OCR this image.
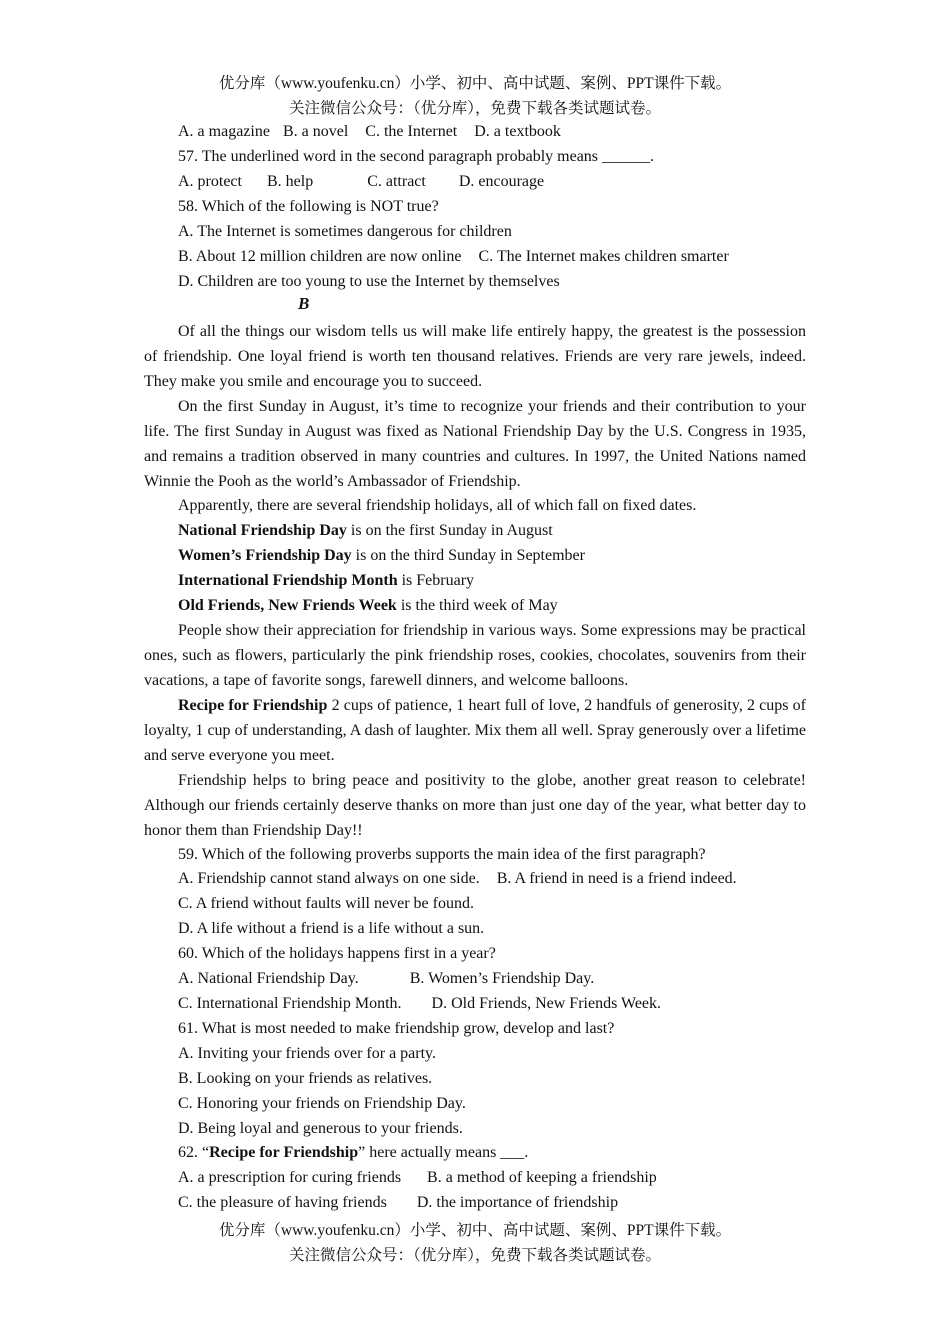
优分库（www.youfenku.cn）小学、初中、高中试题、案例、PPT课件下载。
关注微信公众号：（优分库），免费下载各类试题试卷。
A. a magazine B. a novel C. the Internet D. a textbook
57. The underlined word in the second paragraph probably means ______.
A. protect B. help	C. attract D. encourage
58. Which of the following is NOT true?
A. The Internet is sometimes dangerous for children
B. About 12 million children are now online C. The Internet makes children smarter
D. Children are too young to use the Internet by themselves
B

Of all the things our wisdom tells us will make life entirely happy, the greatest is the possession of friendship. One loyal friend is worth ten thousand relatives. Friends are very rare jewels, indeed. They make you smile and encourage you to succeed.

On the first Sunday in August, it’s time to recognize your friends and their contribution to your life. The first Sunday in August was fixed as National Friendship Day by the U.S. Congress in 1935, and remains a tradition observed in many countries and cultures. In 1997, the United Nations named Winnie the Pooh as the world’s Ambassador of Friendship.

Apparently, there are several friendship holidays, all of which fall on fixed dates.
National Friendship Day is on the first Sunday in August
Women’s Friendship Day is on the third Sunday in September
International Friendship Month is February
Old Friends, New Friends Week is the third week of May

People show their appreciation for friendship in various ways. Some expressions may be practical ones, such as flowers, particularly the pink friendship roses, cookies, chocolates, souvenirs from their vacations, a tape of favorite songs, farewell dinners, and welcome balloons.

Recipe for Friendship 2 cups of patience, 1 heart full of love, 2 handfuls of generosity, 2 cups of loyalty, 1 cup of understanding, A dash of laughter. Mix them all well. Spray generously over a lifetime and serve everyone you meet.

Friendship helps to bring peace and positivity to the globe, another great reason to celebrate! Although our friends certainly deserve thanks on more than just one day of the year, what better day to honor them than Friendship Day!!

59. Which of the following proverbs supports the main idea of the first paragraph?
A. Friendship cannot stand always on one side. B. A friend in need is a friend indeed.
C. A friend without faults will never be found.
D. A life without a friend is a life without a sun.
60. Which of the holidays happens first in a year?
A. National Friendship Day.	B. Women’s Friendship Day.
C. International Friendship Month. D. Old Friends, New Friends Week.
61. What is most needed to make friendship grow, develop and last?
A. Inviting your friends over for a party.
B. Looking on your friends as relatives.
C. Honoring your friends on Friendship Day.
D. Being loyal and generous to your friends.
62. “Recipe for Friendship” here actually means ___.
A. a prescription for curing friends B. a method of keeping a friendship
C. the pleasure of having friends D. the importance of friendship
优分库（www.youfenku.cn）小学、初中、高中试题、案例、PPT课件下载。
关注微信公众号：（优分库），免费下载各类试题试卷。
